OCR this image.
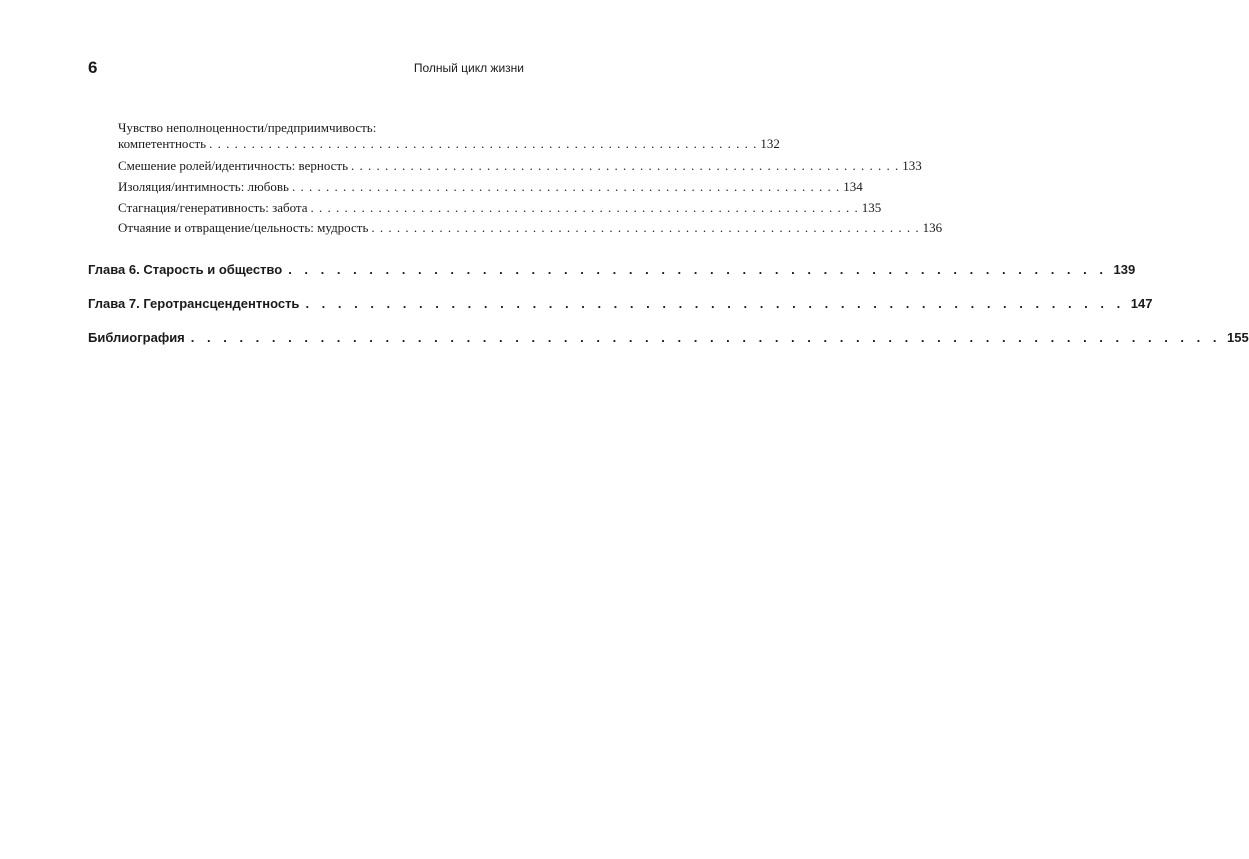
6	Полный цикл жизни
Чувство неполноценности/предприимчивость:
компетентность . . . . . . . . . . . . . . . . . . . . . . . . . . . . . . . . . . . . . . . . . . . . . . . . . . . . . . . . . . . . . . . . . 132
Смешение ролей/идентичность: верность . . . . . . . . . . . . . . . . . . . . . . . . . . . . . . . . . . . . . . . . . . . . . . . . . . . . . . . . . . . . . . . . . 133
Изоляция/интимность: любовь . . . . . . . . . . . . . . . . . . . . . . . . . . . . . . . . . . . . . . . . . . . . . . . . . . . . . . . . . . . . . . . . . 134
Стагнация/генеративность: забота . . . . . . . . . . . . . . . . . . . . . . . . . . . . . . . . . . . . . . . . . . . . . . . . . . . . . . . . . . . . . . . . . 135
Отчаяние и отвращение/цельность: мудрость . . . . . . . . . . . . . . . . . . . . . . . . . . . . . . . . . . . . . . . . . . . . . . . . . . . . . . . . . . . . . . . . . 136
Глава 6. Старость и общество . . . . . . . . . . . . . . . . . . . . . . . . . . . . . . . . . . . . . . . . . . . . . . . . . . . 139
Глава 7. Геротрансцендентность . . . . . . . . . . . . . . . . . . . . . . . . . . . . . . . . . . . . . . . . . . . . . . . . . . . 147
Библиография . . . . . . . . . . . . . . . . . . . . . . . . . . . . . . . . . . . . . . . . . . . . . . . . . . . . . . . . . . . . . . . . 155
